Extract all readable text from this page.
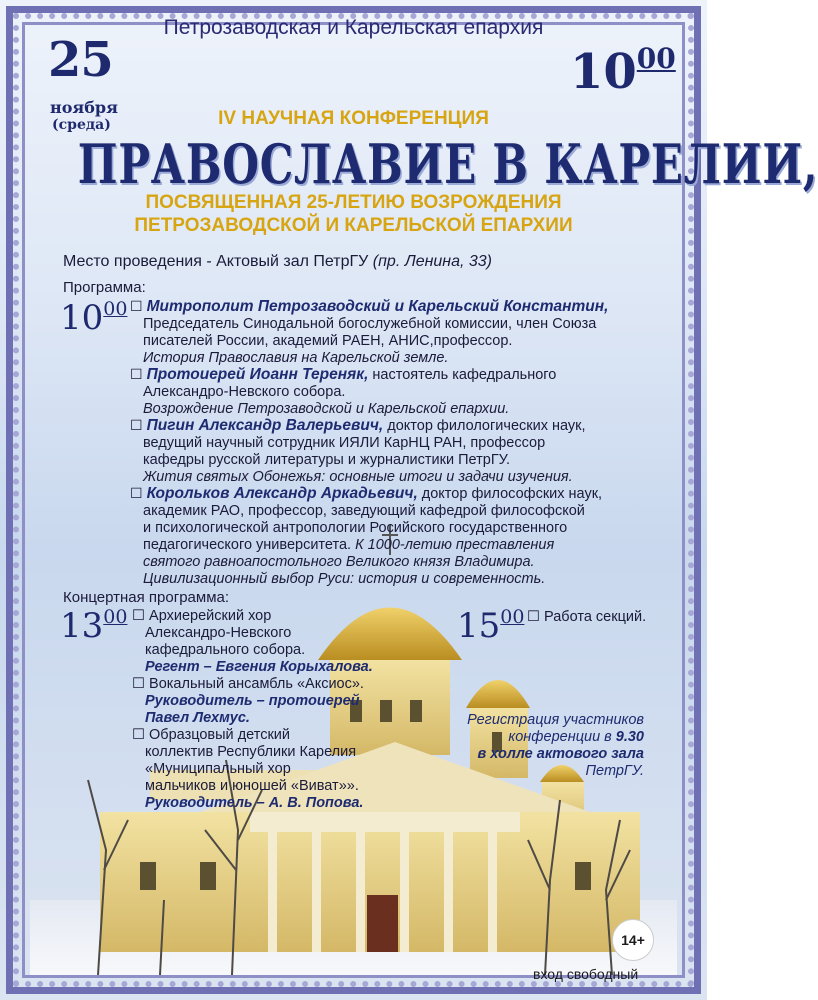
Петрозаводская и Карельская епархия
25
ноября
(среда)
$10^{00}$
IV НАУЧНАЯ КОНФЕРЕНЦИЯ
ПРАВОСЛАВИЕ В КАРЕЛИИ,
ПОСВЯЩЕННАЯ 25-ЛЕТИЮ ВОЗРОЖДЕНИЯ
ПЕТРОЗАВОДСКОЙ И КАРЕЛЬСКОЙ ЕПАРХИИ
Место проведения - Актовый зал ПетрГУ (пр. Ленина, 33)
Программа:
$10^{00}$ ☐ Митрополит Петрозаводский и Карельский Константин,

Председатель Синодальной богослужебной комиссии, член Союза
писателей России, академий РАЕН, АНИС,профессор.
История Православия на Карельской земле.
☐ Протоиерей Иоанн Тереняк, настоятель кафедрального

Александро-Невского собора.
Возрождение Петрозаводской и Карельской епархии.
☐ Пигин Александр Валерьевич, доктор филологических наук,

ведущий научный сотрудник ИЯЛИ КарНЦ РАН, профессор
кафедры русской литературы и журналистики ПетрГУ.
Жития святых Обонежья: основные итоги и задачи изучения.
☐ Корольков Александр Аркадьевич, доктор философских наук,

академик РАО, профессор, заведующий кафедрой философской
и психологической антропологии Росийского государственного
педагогического университета. К 1000-летию преставления
святого равноапостольного Великого князя Владимира.
Цивилизационный выбор Руси: история и современность.
Концертная программа:
$13^{00}$ ☐ Архиерейский хор
Александро-Невского
кафедрального собора.
Регент – Евгения Корыхалова.
☐ Вокальный ансамбль «Аксиос».
Руководитель – протоиерей
Павел Лехмус.
☐ Образцовый детский
коллектив Республики Карелия
«Муниципальный хор
мальчиков и юношей «Виват»».
Руководитель – А. В. Попова.
$15^{00}$ ☐ Работа секций.
Регистрация участников
конференции в 9.30
в холле актового зала
ПетрГУ.
14+
вход свободный
